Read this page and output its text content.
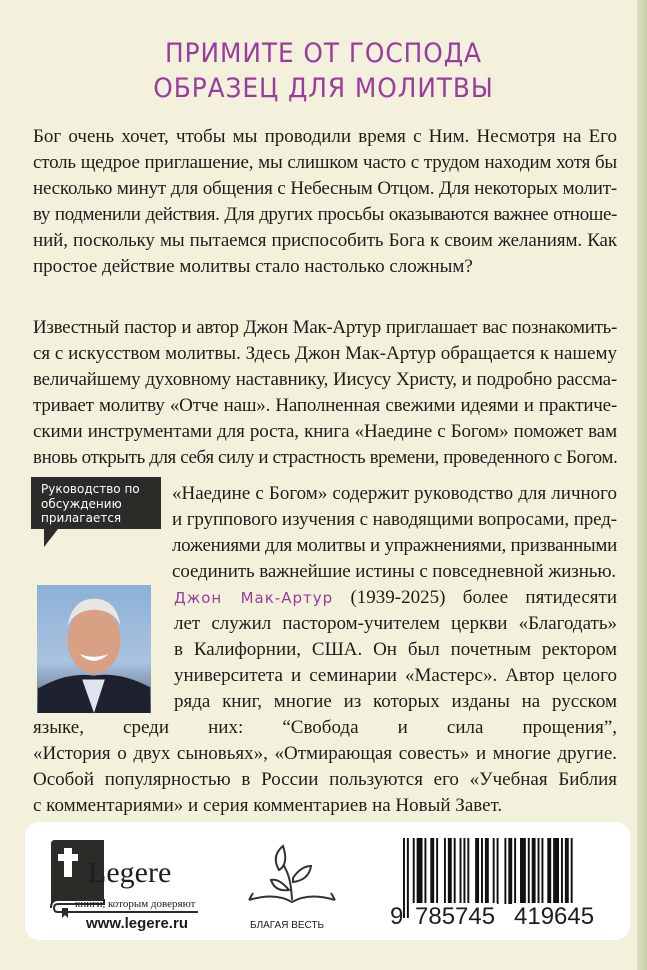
ПРИМИТЕ ОТ ГОСПОДА
ОБРАЗЕЦ ДЛЯ МОЛИТВЫ
Бог очень хочет, чтобы мы проводили время с Ним. Несмотря на Его
столь щедрое приглашение, мы слишком часто с трудом находим хотя бы
несколько минут для общения с Небесным Отцом. Для некоторых молит-
ву подменили действия. Для других просьбы оказываются важнее отноше-
ний, поскольку мы пытаемся приспособить Бога к своим желаниям. Как
простое действие молитвы стало настолько сложным?
Известный пастор и автор Джон Мак-Артур приглашает вас познакомить-
ся с искусством молитвы. Здесь Джон Мак-Артур обращается к нашему
величайшему духовному наставнику, Иисусу Христу, и подробно рассма-
тривает молитву «Отче наш». Наполненная свежими идеями и практиче-
скими инструментами для роста, книга «Наедине с Богом» поможет вам
вновь открыть для себя силу и страстность времени, проведенного с Богом.
Руководство по
обсуждению
прилагается
«Наедине с Богом» содержит руководство для личного
и группового изучения с наводящими вопросами, пред-
ложениями для молитвы и упражнениями, призванными
соединить важнейшие истины с повседневной жизнью.
Джон Мак-Артур (1939-2025) более пятидесяти
лет служил пастором-учителем церкви «Благодать»
в Калифорнии, США. Он был почетным ректором
университета и семинарии «Мастерс». Автор целого
ряда книг, многие из которых изданы на русском
языке, среди них: “Свобода и сила прощения”,
«История о двух сыновьях», «Отмирающая совесть» и многие другие.
Особой популярностью в России пользуются его «Учебная Библия
с комментариями» и серия комментариев на Новый Завет.
Legere
книги, которым доверяют
www.legere.ru	БЛАГАЯ ВЕСТЬ	9 785745 419645
